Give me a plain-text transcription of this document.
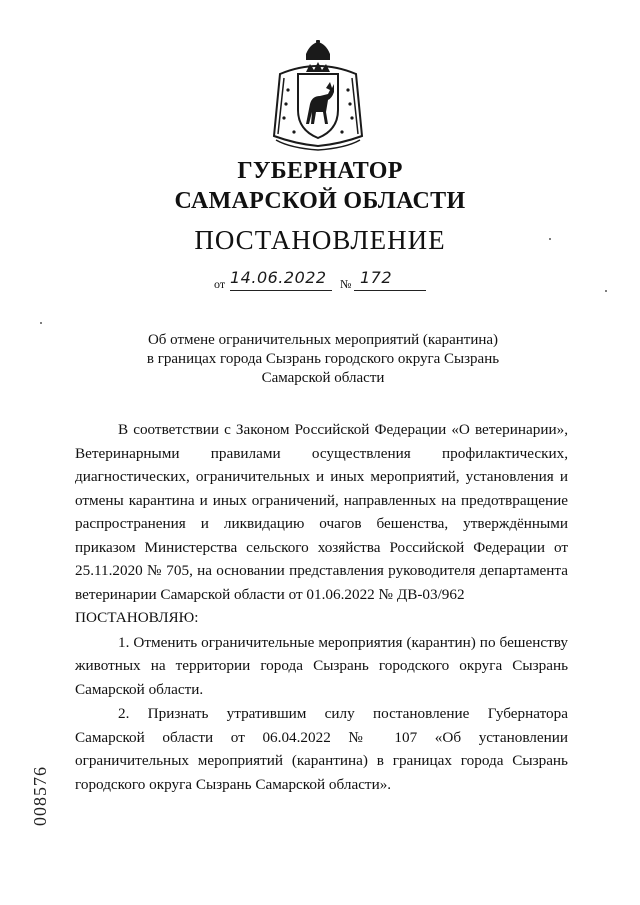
ГУБЕРНАТОР
САМАРСКОЙ ОБЛАСТИ
ПОСТАНОВЛЕНИЕ
от 14.06.2022 № 172
Об отмене ограничительных мероприятий (карантина)
в границах города Сызрань городского округа Сызрань
Самарской области

В соответствии с Законом Российской Федерации «О ветеринарии», Ветеринарными правилами осуществления профилактических, диагностических, ограничительных и иных мероприятий, установления и отмены карантина и иных ограничений, направленных на предотвращение распространения и ликвидацию очагов бешенства, утверждёнными приказом Министерства сельского хозяйства Российской Федерации от 25.11.2020 № 705, на основании представления руководителя департамента ветеринарии Самарской области от 01.06.2022 № ДВ-03/962

ПОСТАНОВЛЯЮ:

1. Отменить ограничительные мероприятия (карантин) по бешенству животных на территории города Сызрань городского округа Сызрань Самарской области.

2. Признать утратившим силу постановление Губернатора Самарской области от 06.04.2022 № 107 «Об установлении ограничительных мероприятий (карантина) в границах города Сызрань городского округа Сызрань Самарской области».

008576
